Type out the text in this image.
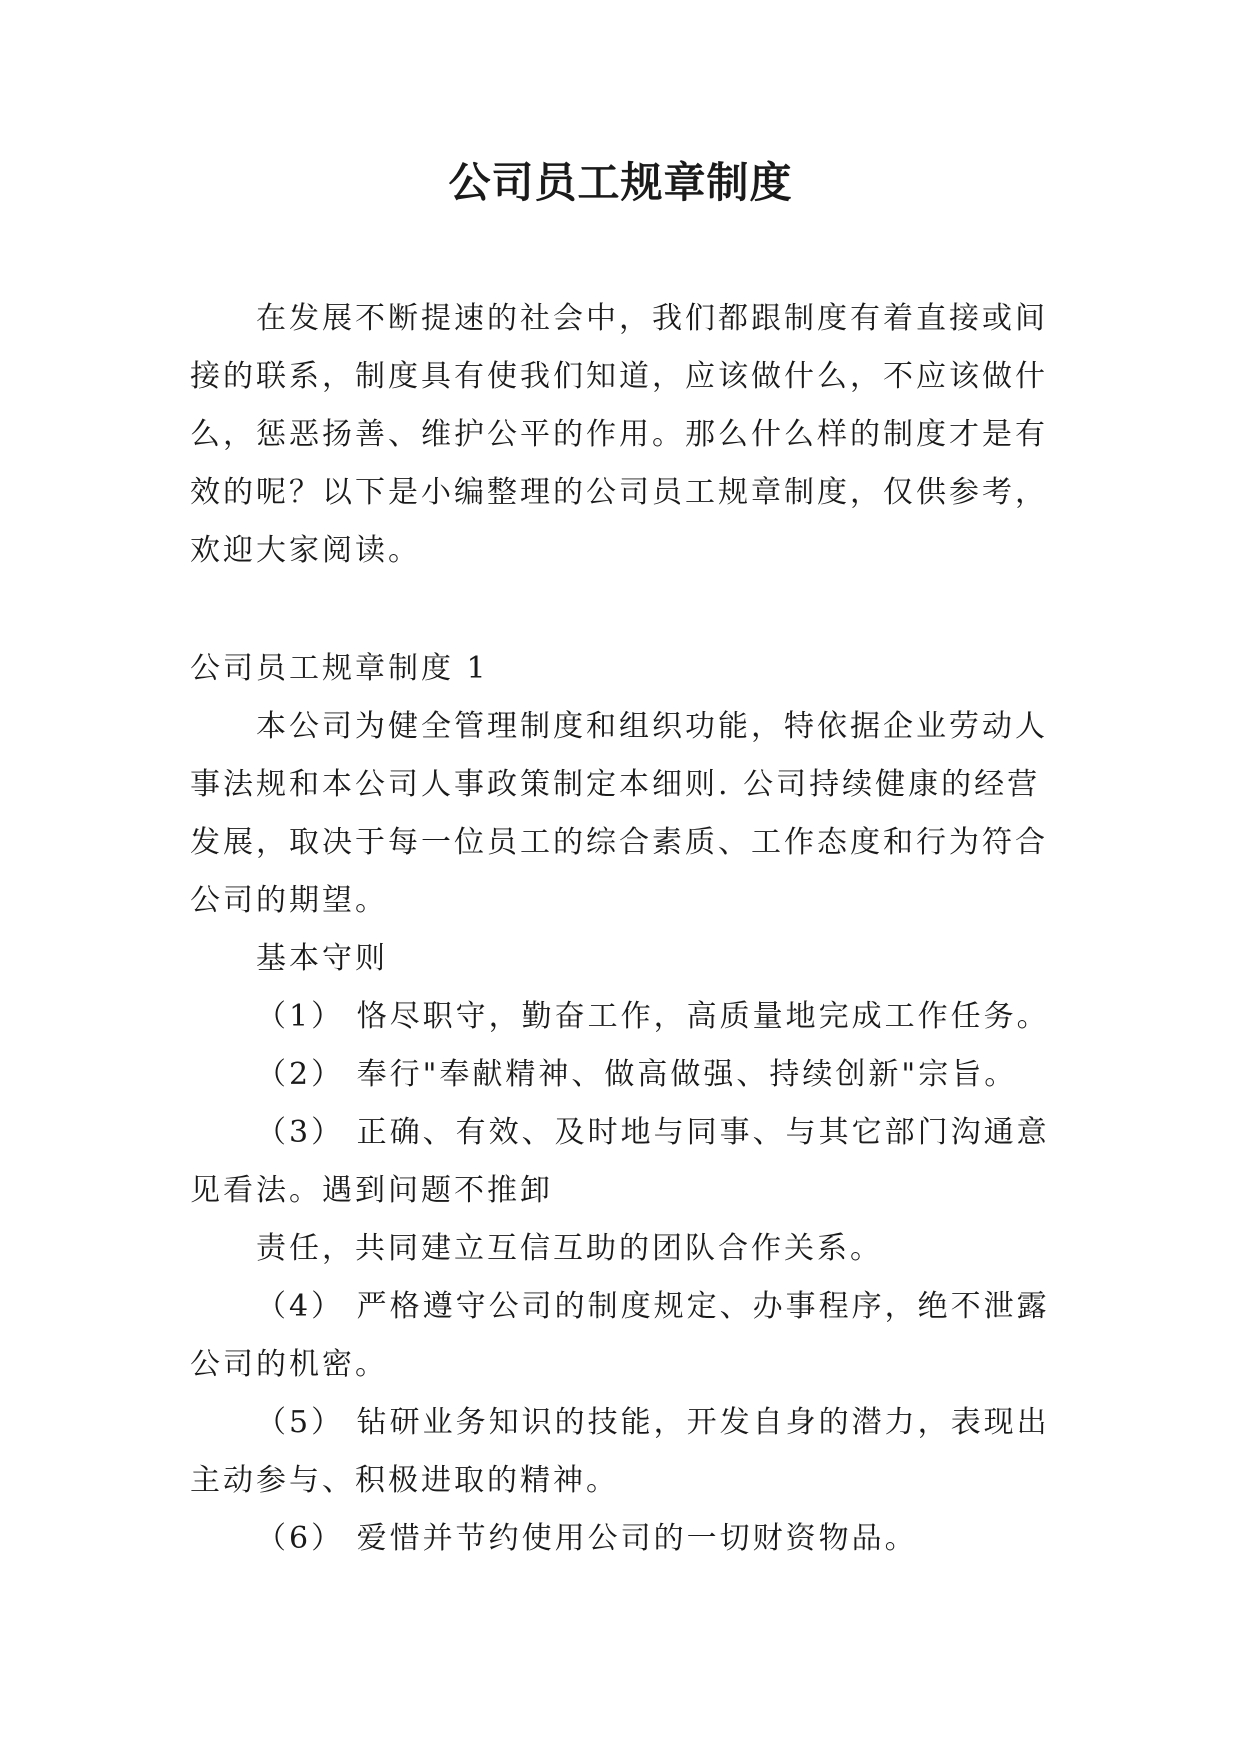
公司员工规章制度

在发展不断提速的社会中，我们都跟制度有着直接或间接的联系，制度具有使我们知道，应该做什么，不应该做什么，惩恶扬善、维护公平的作用。那么什么样的制度才是有效的呢？以下是小编整理的公司员工规章制度，仅供参考，欢迎大家阅读。

公司员工规章制度 1

本公司为健全管理制度和组织功能，特依据企业劳动人事法规和本公司人事政策制定本细则. 公司持续健康的经营发展，取决于每一位员工的综合素质、工作态度和行为符合公司的期望。

基本守则

（1） 恪尽职守，勤奋工作，高质量地完成工作任务。

（2） 奉行"奉献精神、做高做强、持续创新"宗旨。

（3） 正确、有效、及时地与同事、与其它部门沟通意见看法。遇到问题不推卸

责任，共同建立互信互助的团队合作关系。

（4） 严格遵守公司的制度规定、办事程序，绝不泄露公司的机密。

（5） 钻研业务知识的技能，开发自身的潜力，表现出主动参与、积极进取的精神。

（6） 爱惜并节约使用公司的一切财资物品。
